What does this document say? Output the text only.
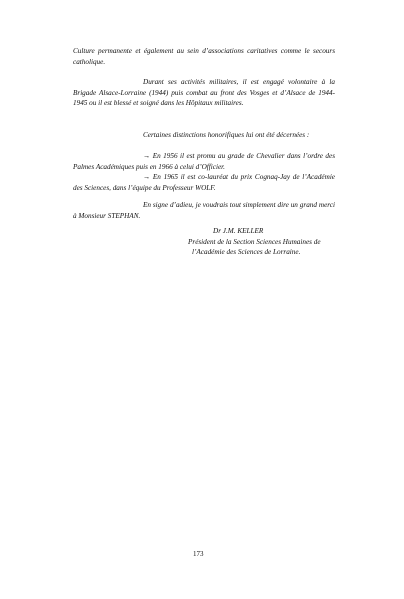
Culture permanente et également au sein d’associations caritatives comme le secours catholique.

Durant ses activités militaires, il est engagé volontaire à la Brigade Alsace-Lorraine (1944) puis combat au front des Vosges et d’Alsace de 1944-1945 ou il est blessé et soigné dans les Hôpitaux militaires.

Certaines distinctions honorifiques lui ont été décernées :

→ En 1956 il est promu au grade de Chevalier dans l’ordre des Palmes Académiques puis en 1966 à celui d’Officier.

→ En 1965 il est co-lauréat du prix Cognaq-Jay de l’Académie des Sciences, dans l’équipe du Professeur WOLF.

En signe d’adieu, je voudrais tout simplement dire un grand merci à Monsieur STEPHAN.

Dr J.M. KELLER
Président de la Section Sciences Humaines de
l’Académie des Sciences de Lorraine.

173
